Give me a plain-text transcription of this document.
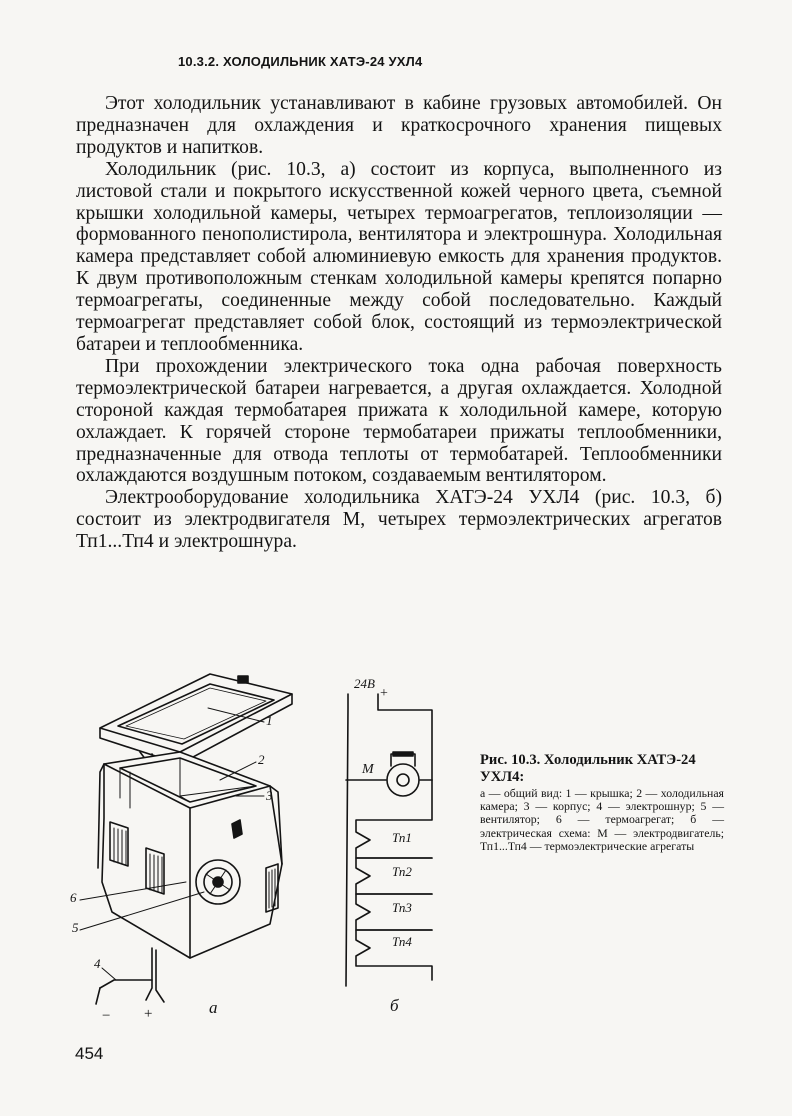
10.3.2. ХОЛОДИЛЬНИК ХАТЭ-24 УХЛ4

Этот холодильник устанавливают в кабине грузовых автомобилей. Он предназначен для охлаждения и краткосрочного хранения пищевых продуктов и напитков.

Холодильник (рис. 10.3, а) состоит из корпуса, выполненного из листовой стали и покрытого искусственной кожей черного цвета, съемной крышки холодильной камеры, четырех термоагрегатов, теплоизоляции — формованного пенополистирола, вентилятора и электрошнура. Холодильная камера представляет собой алюминиевую емкость для хранения продуктов. К двум противоположным стенкам холодильной камеры крепятся попарно термоагрегаты, соединенные между собой последовательно. Каждый термоагрегат представляет собой блок, состоящий из термоэлектрической батареи и теплообменника.

При прохождении электрического тока одна рабочая поверхность термоэлектрической батареи нагревается, а другая охлаждается. Холодной стороной каждая термобатарея прижата к холодильной камере, которую охлаждает. К горячей стороне термобатареи прижаты теплообменники, предназначенные для отвода теплоты от термобатарей. Теплообменники охлаждаются воздушным потоком, создаваемым вентилятором.

Электрооборудование холодильника ХАТЭ-24 УХЛ4 (рис. 10.3, б) состоит из электродвигателя М, четырех термоэлектрических агрегатов Тп1...Тп4 и электрошнура.

1
2
3
4
5
6
− +	а
24В
+
М
Тп1
Тп2
Тп3
Тп4
б
Рис. 10.3. Холодильник ХАТЭ-24 УХЛ4:
а — общий вид: 1 — крышка; 2 — холодильная камера; 3 — корпус; 4 — электрошнур; 5 — вентилятор; 6 — термоагрегат; б — электрическая схема: М — электродвигатель; Тп1...Тп4 — термоэлектрические агрегаты
454
